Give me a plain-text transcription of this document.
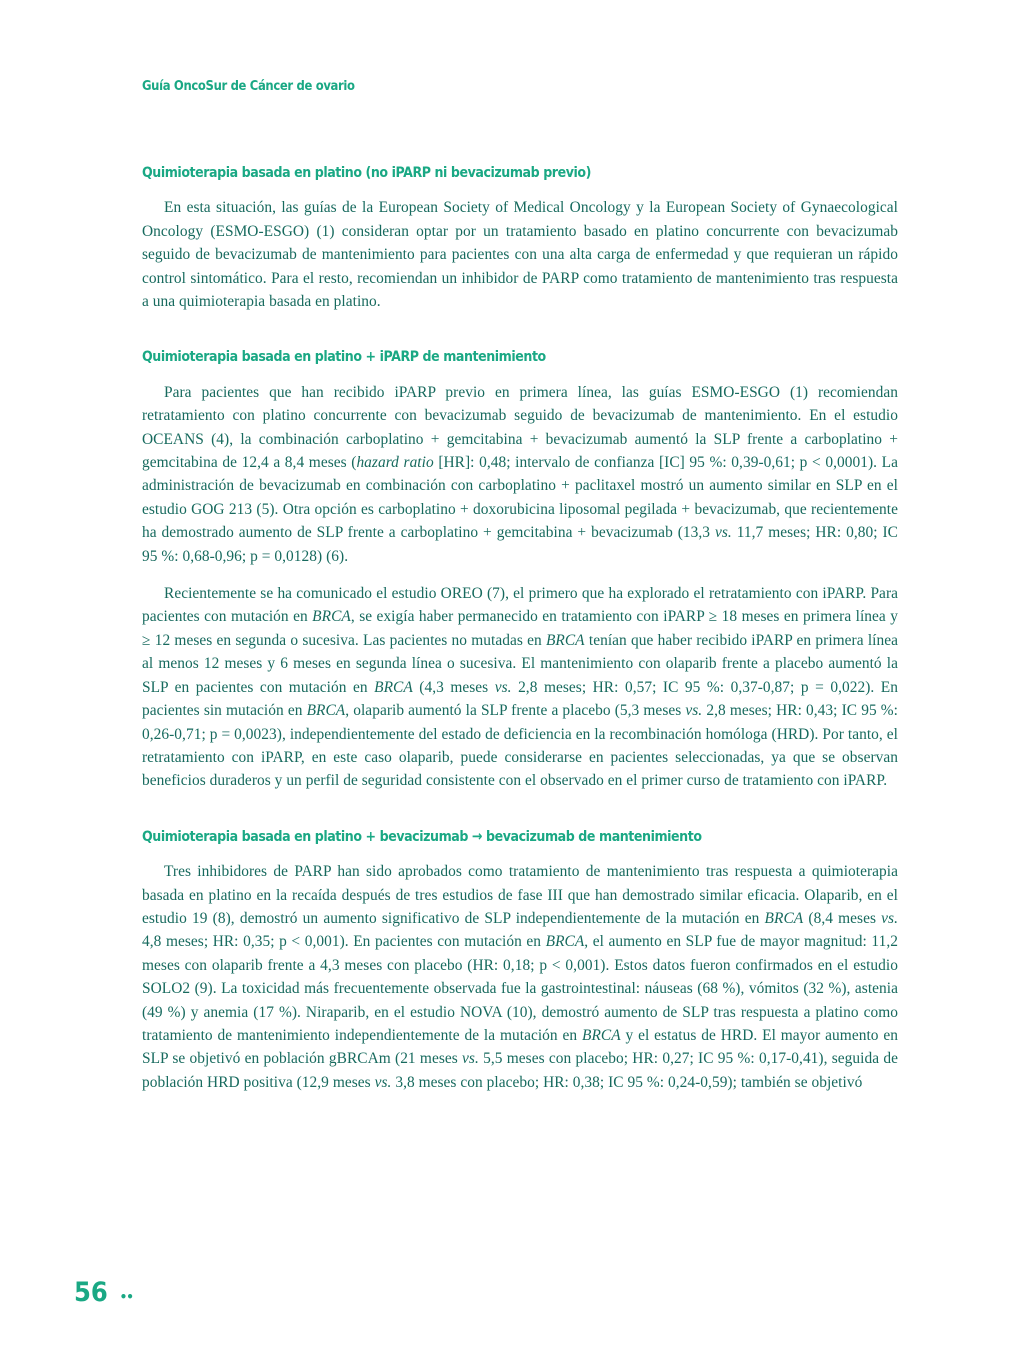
Guía OncoSur de Cáncer de ovario
Quimioterapia basada en platino (no iPARP ni bevacizumab previo)

En esta situación, las guías de la European Society of Medical Oncology y la European Society of Gynaecological Oncology (ESMO-ESGO) (1) consideran optar por un tratamiento basado en platino concurrente con bevacizumab seguido de bevacizumab de mantenimiento para pacientes con una alta carga de enfermedad y que requieran un rápido control sintomático. Para el resto, recomiendan un inhibidor de PARP como tratamiento de mantenimiento tras respuesta a una quimioterapia basada en platino.

Quimioterapia basada en platino + iPARP de mantenimiento

Para pacientes que han recibido iPARP previo en primera línea, las guías ESMO-ESGO (1) recomiendan retratamiento con platino concurrente con bevacizumab seguido de bevacizumab de mantenimiento. En el estudio OCEANS (4), la combinación carboplatino + gemcitabina + bevacizumab aumentó la SLP frente a carboplatino + gemcitabina de 12,4 a 8,4 meses (hazard ratio [HR]: 0,48; intervalo de confianza [IC] 95 %: 0,39-0,61; p < 0,0001). La administración de bevacizumab en combinación con carboplatino + paclitaxel mostró un aumento similar en SLP en el estudio GOG 213 (5). Otra opción es carboplatino + doxorubicina liposomal pegilada + bevacizumab, que recientemente ha demostrado aumento de SLP frente a carboplatino + gemcitabina + bevacizumab (13,3 vs. 11,7 meses; HR: 0,80; IC 95 %: 0,68-0,96; p = 0,0128) (6).

Recientemente se ha comunicado el estudio OREO (7), el primero que ha explorado el retratamiento con iPARP. Para pacientes con mutación en BRCA, se exigía haber permanecido en tratamiento con iPARP ≥ 18 meses en primera línea y ≥ 12 meses en segunda o sucesiva. Las pacientes no mutadas en BRCA tenían que haber recibido iPARP en primera línea al menos 12 meses y 6 meses en segunda línea o sucesiva. El mantenimiento con olaparib frente a placebo aumentó la SLP en pacientes con mutación en BRCA (4,3 meses vs. 2,8 meses; HR: 0,57; IC 95 %: 0,37-0,87; p = 0,022). En pacientes sin mutación en BRCA, olaparib aumentó la SLP frente a placebo (5,3 meses vs. 2,8 meses; HR: 0,43; IC 95 %: 0,26-0,71; p = 0,0023), independientemente del estado de deficiencia en la recombinación homóloga (HRD). Por tanto, el retratamiento con iPARP, en este caso olaparib, puede considerarse en pacientes seleccionadas, ya que se observan beneficios duraderos y un perfil de seguridad consistente con el observado en el primer curso de tratamiento con iPARP.

Quimioterapia basada en platino + bevacizumab → bevacizumab de mantenimiento

Tres inhibidores de PARP han sido aprobados como tratamiento de mantenimiento tras respuesta a quimioterapia basada en platino en la recaída después de tres estudios de fase III que han demostrado similar eficacia. Olaparib, en el estudio 19 (8), demostró un aumento significativo de SLP independientemente de la mutación en BRCA (8,4 meses vs. 4,8 meses; HR: 0,35; p < 0,001). En pacientes con mutación en BRCA, el aumento en SLP fue de mayor magnitud: 11,2 meses con olaparib frente a 4,3 meses con placebo (HR: 0,18; p < 0,001). Estos datos fueron confirmados en el estudio SOLO2 (9). La toxicidad más frecuentemente observada fue la gastrointestinal: náuseas (68 %), vómitos (32 %), astenia (49 %) y anemia (17 %). Niraparib, en el estudio NOVA (10), demostró aumento de SLP tras respuesta a platino como tratamiento de mantenimiento independientemente de la mutación en BRCA y el estatus de HRD. El mayor aumento en SLP se objetivó en población gBRCAm (21 meses vs. 5,5 meses con placebo; HR: 0,27; IC 95 %: 0,17-0,41), seguida de población HRD positiva (12,9 meses vs. 3,8 meses con placebo; HR: 0,38; IC 95 %: 0,24-0,59); también se objetivó

56 ••
